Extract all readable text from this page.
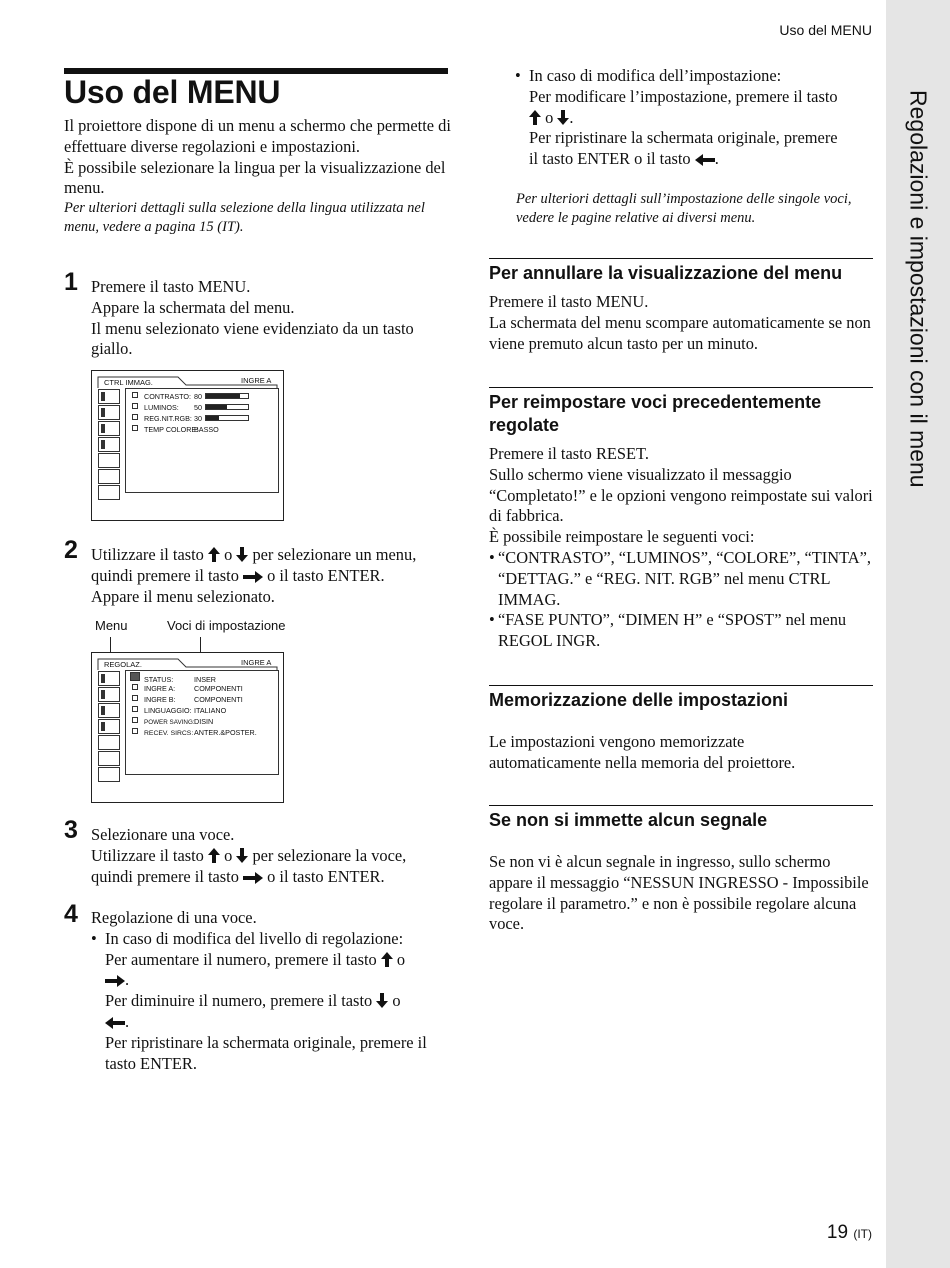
Regolazioni e impostazioni con il menu
Uso del MENU
19 (IT)
Uso del MENU

Il proiettore dispone di un menu a schermo che permette di effettuare diverse regolazioni e impostazioni.

È possibile selezionare la lingua per la visualizzazione del menu.

Per ulteriori dettagli sulla selezione della lingua utilizzata nel menu, vedere a pagina 15 (IT).

1 Premere il tasto MENU.

Appare la schermata del menu.

Il menu selezionato viene evidenziato da un tasto giallo.

CTRL IMMAG.	INGRE A
CONTRASTO: 80
LUMINOS: 50
REG.NIT.RGB: 30
TEMP COLORE:BASSO
2 Utilizzare il tasto  o  per selezionare un menu,

quindi premere il tasto  o il tasto ENTER.

Appare il menu selezionato.

Menu	Voci di impostazione
REGOLAZ.	INGRE A
STATUS:	INSER
INGRE A:	COMPONENTI
INGRE B:	COMPONENTI
LINGUAGGIO: ITALIANO
POWER SAVING:DISIN
RECEV. SIRCS:ANTER.&POSTER.
3 Selezionare una voce.

Utilizzare il tasto  o  per selezionare la voce,

quindi premere il tasto  o il tasto ENTER.

4 Regolazione di una voce.

• In caso di modifica del livello di regolazione:

Per aumentare il numero, premere il tasto  o

.

Per diminuire il numero, premere il tasto  o

.

Per ripristinare la schermata originale, premere il tasto ENTER.

• In caso di modifica dell’impostazione:

Per modificare l’impostazione, premere il tasto

o .

Per ripristinare la schermata originale, premere

il tasto ENTER o il tasto .

Per ulteriori dettagli sull’impostazione delle singole voci, vedere le pagine relative ai diversi menu.

Per annullare la visualizzazione del menu

Premere il tasto MENU.

La schermata del menu scompare automaticamente se non viene premuto alcun tasto per un minuto.

Per reimpostare voci precedentemente regolate

Premere il tasto RESET.

Sullo schermo viene visualizzato il messaggio “Completato!” e le opzioni vengono reimpostate sui valori di fabbrica.

È possibile reimpostare le seguenti voci:

• “CONTRASTO”, “LUMINOS”, “COLORE”, “TINTA”, “DETTAG.” e “REG. NIT. RGB” nel menu CTRL IMMAG.

• “FASE PUNTO”, “DIMEN H” e “SPOST” nel menu REGOL INGR.

Memorizzazione delle impostazioni

Le impostazioni vengono memorizzate automaticamente nella memoria del proiettore.

Se non si immette alcun segnale

Se non vi è alcun segnale in ingresso, sullo schermo appare il messaggio “NESSUN INGRESSO - Impossibile regolare il parametro.” e non è possibile regolare alcuna voce.
